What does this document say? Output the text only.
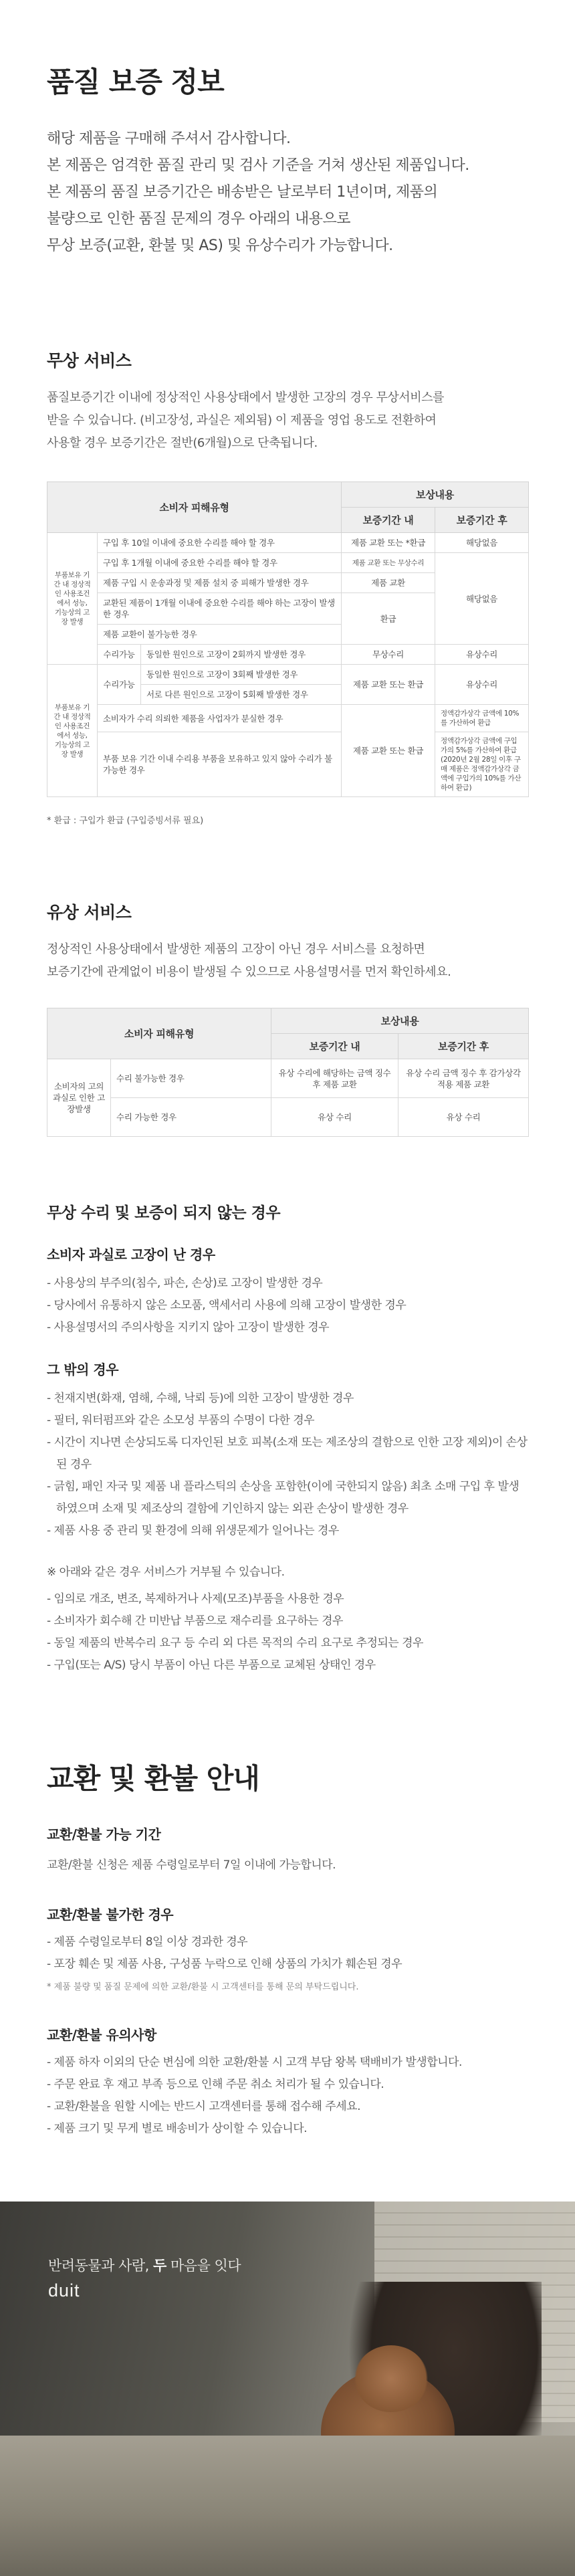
품질 보증 정보

해당 제품을 구매해 주셔서 감사합니다.

본 제품은 엄격한 품질 관리 및 검사 기준을 거쳐 생산된 제품입니다.

본 제품의 품질 보증기간은 배송받은 날로부터 1년이며, 제품의

불량으로 인한 품질 문제의 경우 아래의 내용으로

무상 보증(교환, 환불 및 AS) 및 유상수리가 가능합니다.

무상 서비스

품질보증기간 이내에 정상적인 사용상태에서 발생한 고장의 경우 무상서비스를

받을 수 있습니다. (비고장성, 과실은 제외됨) 이 제품을 영업 용도로 전환하여

사용할 경우 보증기간은 절반(6개월)으로 단축됩니다.

소비자 피해유형			보상내용	
			보증기간 내	보증기간 후
부품보유 기간 내 정상적인 사용조건에서 성능, 기능상의 고장 발생	구입 후 10일 이내에 중요한 수리를 해야 할 경우		제품 교환 또는 *환급	해당없음
	구입 후 1개월 이내에 중요한 수리를 해야 할 경우		제품 교환 또는 무상수리	해당없음
	제품 구입 시 운송과정 및 제품 설치 중 피해가 발생한 경우		제품 교환	
	교환된 제품이 1개월 이내에 중요한 수리를 해야 하는 고장이 발생한 경우		환급	
	제품 교환이 불가능한 경우			
	수리가능	동일한 원인으로 고장이 2회까지 발생한 경우	무상수리	유상수리
부품보유 기간 내 정상적인 사용조건에서 성능, 기능상의 고장 발생	수리가능	동일한 원인으로 고장이 3회째 발생한 경우	제품 교환 또는 환급	유상수리
		서로 다른 원인으로 고장이 5회째 발생한 경우		
	소비자가 수리 의뢰한 제품을 사업자가 분실한 경우		제품 교환 또는 환급	정액감가상각 금액에 10%를 가산하여 환급
	부품 보유 기간 이내 수리용 부품을 보유하고 있지 않아 수리가 불가능한 경우			정액감가상각 금액에 구입가의 5%를 가산하여 환급 (2020년 2월 28일 이후 구매 제품은 정액감가상각 금액에 구입가의 10%를 가산하여 환급)
* 환급 : 구입가 환급 (구입증빙서류 필요)
유상 서비스

정상적인 사용상태에서 발생한 제품의 고장이 아닌 경우 서비스를 요청하면

보증기간에 관계없이 비용이 발생될 수 있으므로 사용설명서를 먼저 확인하세요.

소비자 피해유형		보상내용	
		보증기간 내	보증기간 후
소비자의 고의과실로 인한 고장발생	수리 불가능한 경우	유상 수리에 해당하는 금액 징수 후 제품 교환	유상 수리 금액 징수 후 감가상각 적용 제품 교환
	수리 가능한 경우	유상 수리	유상 수리
무상 수리 및 보증이 되지 않는 경우
소비자 과실로 고장이 난 경우
- 사용상의 부주의(침수, 파손, 손상)로 고장이 발생한 경우
- 당사에서 유통하지 않은 소모품, 액세서리 사용에 의해 고장이 발생한 경우
- 사용설명서의 주의사항을 지키지 않아 고장이 발생한 경우
그 밖의 경우
- 천재지변(화재, 염해, 수해, 낙뢰 등)에 의한 고장이 발생한 경우
- 필터, 워터펌프와 같은 소모성 부품의 수명이 다한 경우
- 시간이 지나면 손상되도록 디자인된 보호 피복(소재 또는 제조상의 결함으로 인한 고장 제외)이 손상된 경우
- 긁힘, 패인 자국 및 제품 내 플라스틱의 손상을 포함한(이에 국한되지 않음) 최초 소매 구입 후 발생하였으며 소재 및 제조상의 결함에 기인하지 않는 외관 손상이 발생한 경우
- 제품 사용 중 관리 및 환경에 의해 위생문제가 일어나는 경우
※ 아래와 같은 경우 서비스가 거부될 수 있습니다.
- 임의로 개조, 변조, 복제하거나 사제(모조)부품을 사용한 경우
- 소비자가 회수해 간 미반납 부품으로 재수리를 요구하는 경우
- 동일 제품의 반복수리 요구 등 수리 외 다른 목적의 수리 요구로 추정되는 경우
- 구입(또는 A/S) 당시 부품이 아닌 다른 부품으로 교체된 상태인 경우
교환 및 환불 안내
교환/환불 가능 기간

교환/환불 신청은 제품 수령일로부터 7일 이내에 가능합니다.

교환/환불 불가한 경우
- 제품 수령일로부터 8일 이상 경과한 경우
- 포장 훼손 및 제품 사용, 구성품 누락으로 인해 상품의 가치가 훼손된 경우
* 제품 불량 및 품질 문제에 의한 교환/환불 시 고객센터를 통해 문의 부탁드립니다.
교환/환불 유의사항
- 제품 하자 이외의 단순 변심에 의한 교환/환불 시 고객 부담 왕복 택배비가 발생합니다.
- 주문 완료 후 재고 부족 등으로 인해 주문 취소 처리가 될 수 있습니다.
- 교환/환불을 원할 시에는 반드시 고객센터를 통해 접수해 주세요.
- 제품 크기 및 무게 별로 배송비가 상이할 수 있습니다.
반려동물과 사람, 두 마음을 잇다
duit
